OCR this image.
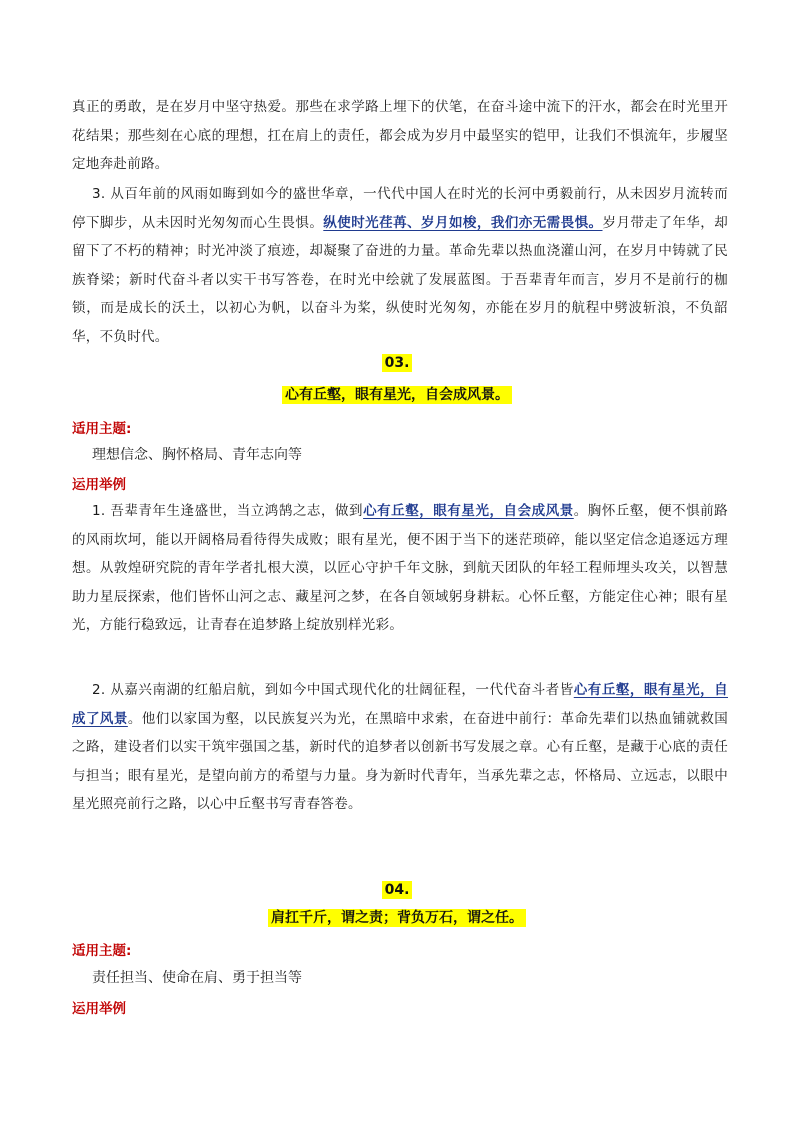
真正的勇敢，是在岁月中坚守热爱。那些在求学路上埋下的伏笔，在奋斗途中流下的汗水，都会在时光里开花结果；那些刻在心底的理想，扛在肩上的责任，都会成为岁月中最坚实的铠甲，让我们不惧流年，步履坚定地奔赴前路。

3. 从百年前的风雨如晦到如今的盛世华章，一代代中国人在时光的长河中勇毅前行，从未因岁月流转而停下脚步，从未因时光匆匆而心生畏惧。纵使时光荏苒、岁月如梭，我们亦无需畏惧。岁月带走了年华，却留下了不朽的精神；时光冲淡了痕迹，却凝聚了奋进的力量。革命先辈以热血浇灌山河，在岁月中铸就了民族脊梁；新时代奋斗者以实干书写答卷，在时光中绘就了发展蓝图。于吾辈青年而言，岁月不是前行的枷锁，而是成长的沃土，以初心为帆，以奋斗为桨，纵使时光匆匆，亦能在岁月的航程中劈波斩浪，不负韶华，不负时代。

03.

心有丘壑，眼有星光，自会成风景。

适用主题:

理想信念、胸怀格局、青年志向等

运用举例

1. 吾辈青年生逢盛世，当立鸿鹄之志，做到心有丘壑，眼有星光，自会成风景。胸怀丘壑，便不惧前路的风雨坎坷，能以开阔格局看待得失成败；眼有星光，便不困于当下的迷茫琐碎，能以坚定信念追逐远方理想。从敦煌研究院的青年学者扎根大漠，以匠心守护千年文脉，到航天团队的年轻工程师埋头攻关，以智慧助力星辰探索，他们皆怀山河之志、藏星河之梦，在各自领域躬身耕耘。心怀丘壑，方能定住心神；眼有星光，方能行稳致远，让青春在追梦路上绽放别样光彩。

2. 从嘉兴南湖的红船启航，到如今中国式现代化的壮阔征程，一代代奋斗者皆心有丘壑，眼有星光，自成了风景。他们以家国为壑，以民族复兴为光，在黑暗中求索，在奋进中前行：革命先辈们以热血铺就救国之路，建设者们以实干筑牢强国之基，新时代的追梦者以创新书写发展之章。心有丘壑，是藏于心底的责任与担当；眼有星光，是望向前方的希望与力量。身为新时代青年，当承先辈之志，怀格局、立远志，以眼中星光照亮前行之路，以心中丘壑书写青春答卷。

04.

肩扛千斤，谓之责；背负万石，谓之任。

适用主题:

责任担当、使命在肩、勇于担当等

运用举例
